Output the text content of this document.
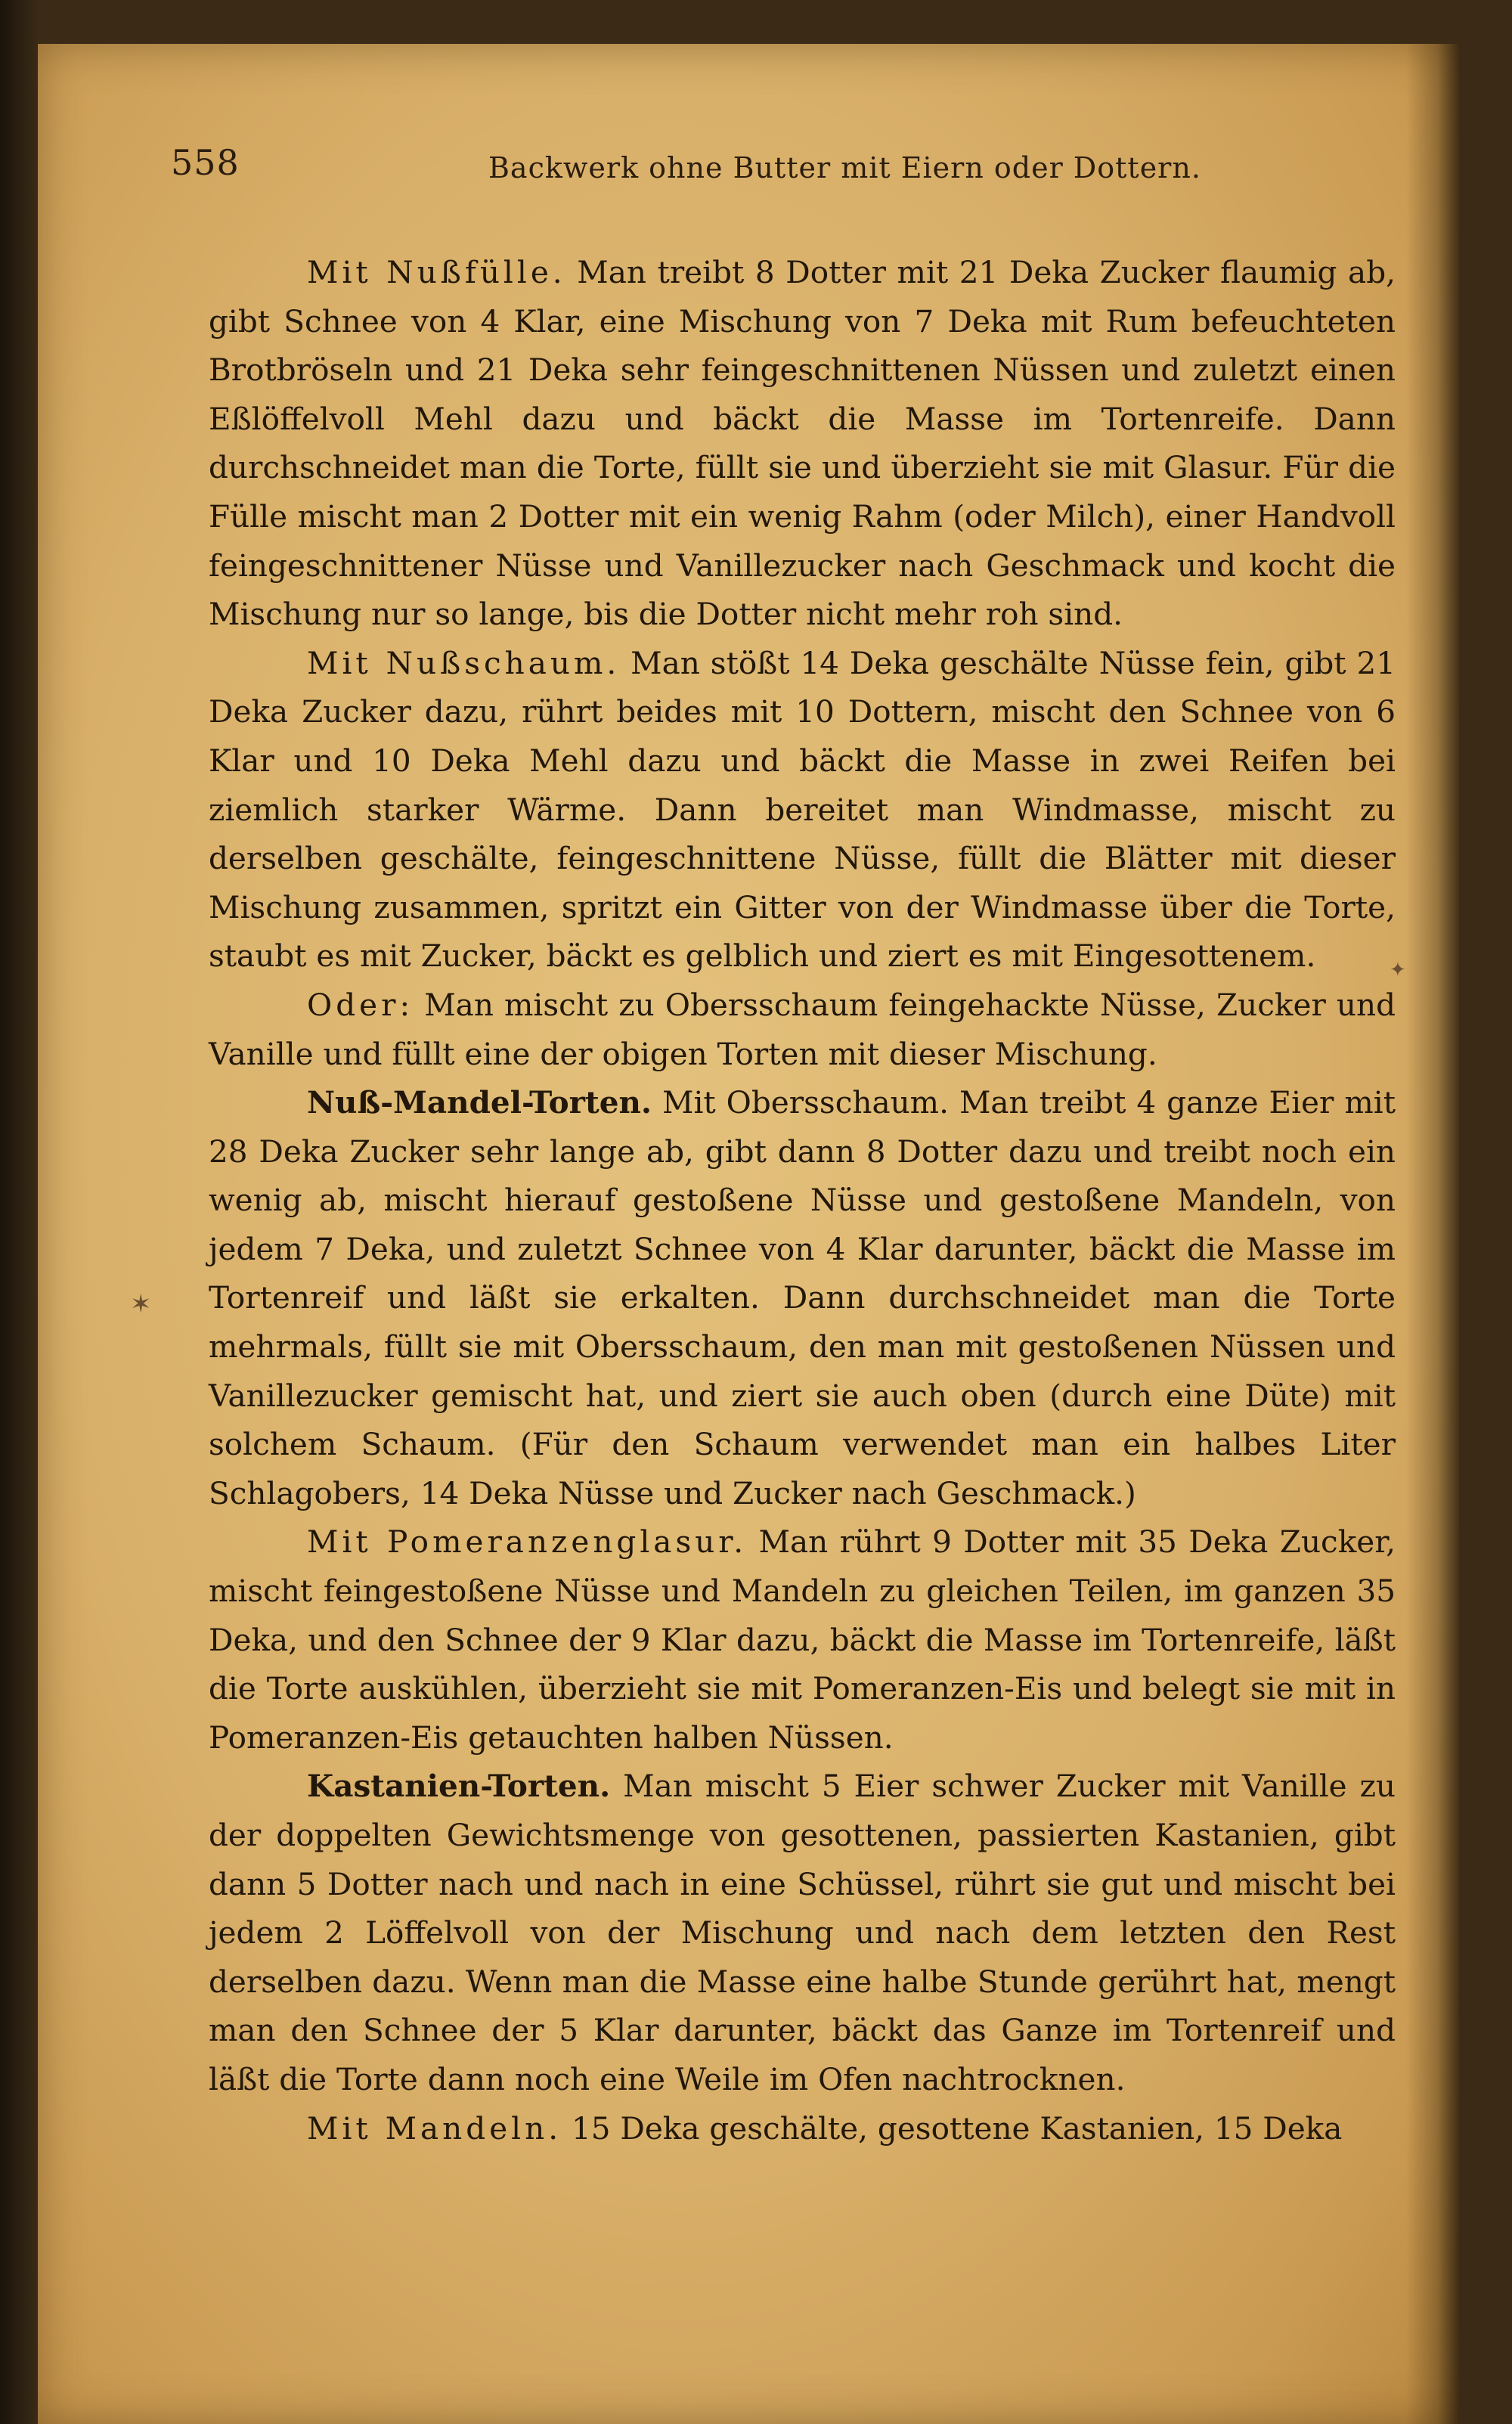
558	Backwerk ohne Butter mit Eiern oder Dottern.

Mit Nußfülle. Man treibt 8 Dotter mit 21 Deka Zucker flaumig ab, gibt Schnee von 4 Klar, eine Mischung von 7 Deka mit Rum befeuchteten Brotbröseln und 21 Deka sehr feingeschnittenen Nüssen und zuletzt einen Eßlöffelvoll Mehl dazu und bäckt die Masse im Tortenreife. Dann durchschneidet man die Torte, füllt sie und überzieht sie mit Glasur. Für die Fülle mischt man 2 Dotter mit ein wenig Rahm (oder Milch), einer Handvoll feingeschnittener Nüsse und Vanillezucker nach Geschmack und kocht die Mischung nur so lange, bis die Dotter nicht mehr roh sind.

Mit Nußschaum. Man stößt 14 Deka geschälte Nüsse fein, gibt 21 Deka Zucker dazu, rührt beides mit 10 Dottern, mischt den Schnee von 6 Klar und 10 Deka Mehl dazu und bäckt die Masse in zwei Reifen bei ziemlich starker Wärme. Dann bereitet man Windmasse, mischt zu derselben geschälte, feingeschnittene Nüsse, füllt die Blätter mit dieser Mischung zusammen, spritzt ein Gitter von der Windmasse über die Torte, staubt es mit Zucker, bäckt es gelblich und ziert es mit Eingesottenem.

Oder: Man mischt zu Obersschaum feingehackte Nüsse, Zucker und Vanille und füllt eine der obigen Torten mit dieser Mischung.

Nuß-Mandel-Torten. Mit Obersschaum. Man treibt 4 ganze Eier mit 28 Deka Zucker sehr lange ab, gibt dann 8 Dotter dazu und treibt noch ein wenig ab, mischt hierauf gestoßene Nüsse und gestoßene Mandeln, von jedem 7 Deka, und zuletzt Schnee von 4 Klar darunter, bäckt die Masse im Tortenreif und läßt sie erkalten. Dann durchschneidet man die Torte mehrmals, füllt sie mit Obersschaum, den man mit gestoßenen Nüssen und Vanillezucker gemischt hat, und ziert sie auch oben (durch eine Düte) mit solchem Schaum. (Für den Schaum verwendet man ein halbes Liter Schlagobers, 14 Deka Nüsse und Zucker nach Geschmack.)

Mit Pomeranzenglasur. Man rührt 9 Dotter mit 35 Deka Zucker, mischt feingestoßene Nüsse und Mandeln zu gleichen Teilen, im ganzen 35 Deka, und den Schnee der 9 Klar dazu, bäckt die Masse im Tortenreife, läßt die Torte auskühlen, überzieht sie mit Pomeranzen-Eis und belegt sie mit in Pomeranzen-Eis getauchten halben Nüssen.

Kastanien-Torten. Man mischt 5 Eier schwer Zucker mit Vanille zu der doppelten Gewichtsmenge von gesottenen, passierten Kastanien, gibt dann 5 Dotter nach und nach in eine Schüssel, rührt sie gut und mischt bei jedem 2 Löffelvoll von der Mischung und nach dem letzten den Rest derselben dazu. Wenn man die Masse eine halbe Stunde gerührt hat, mengt man den Schnee der 5 Klar darunter, bäckt das Ganze im Tortenreif und läßt die Torte dann noch eine Weile im Ofen nachtrocknen.

Mit Mandeln. 15 Deka geschälte, gesottene Kastanien, 15 Deka

✶
✦
